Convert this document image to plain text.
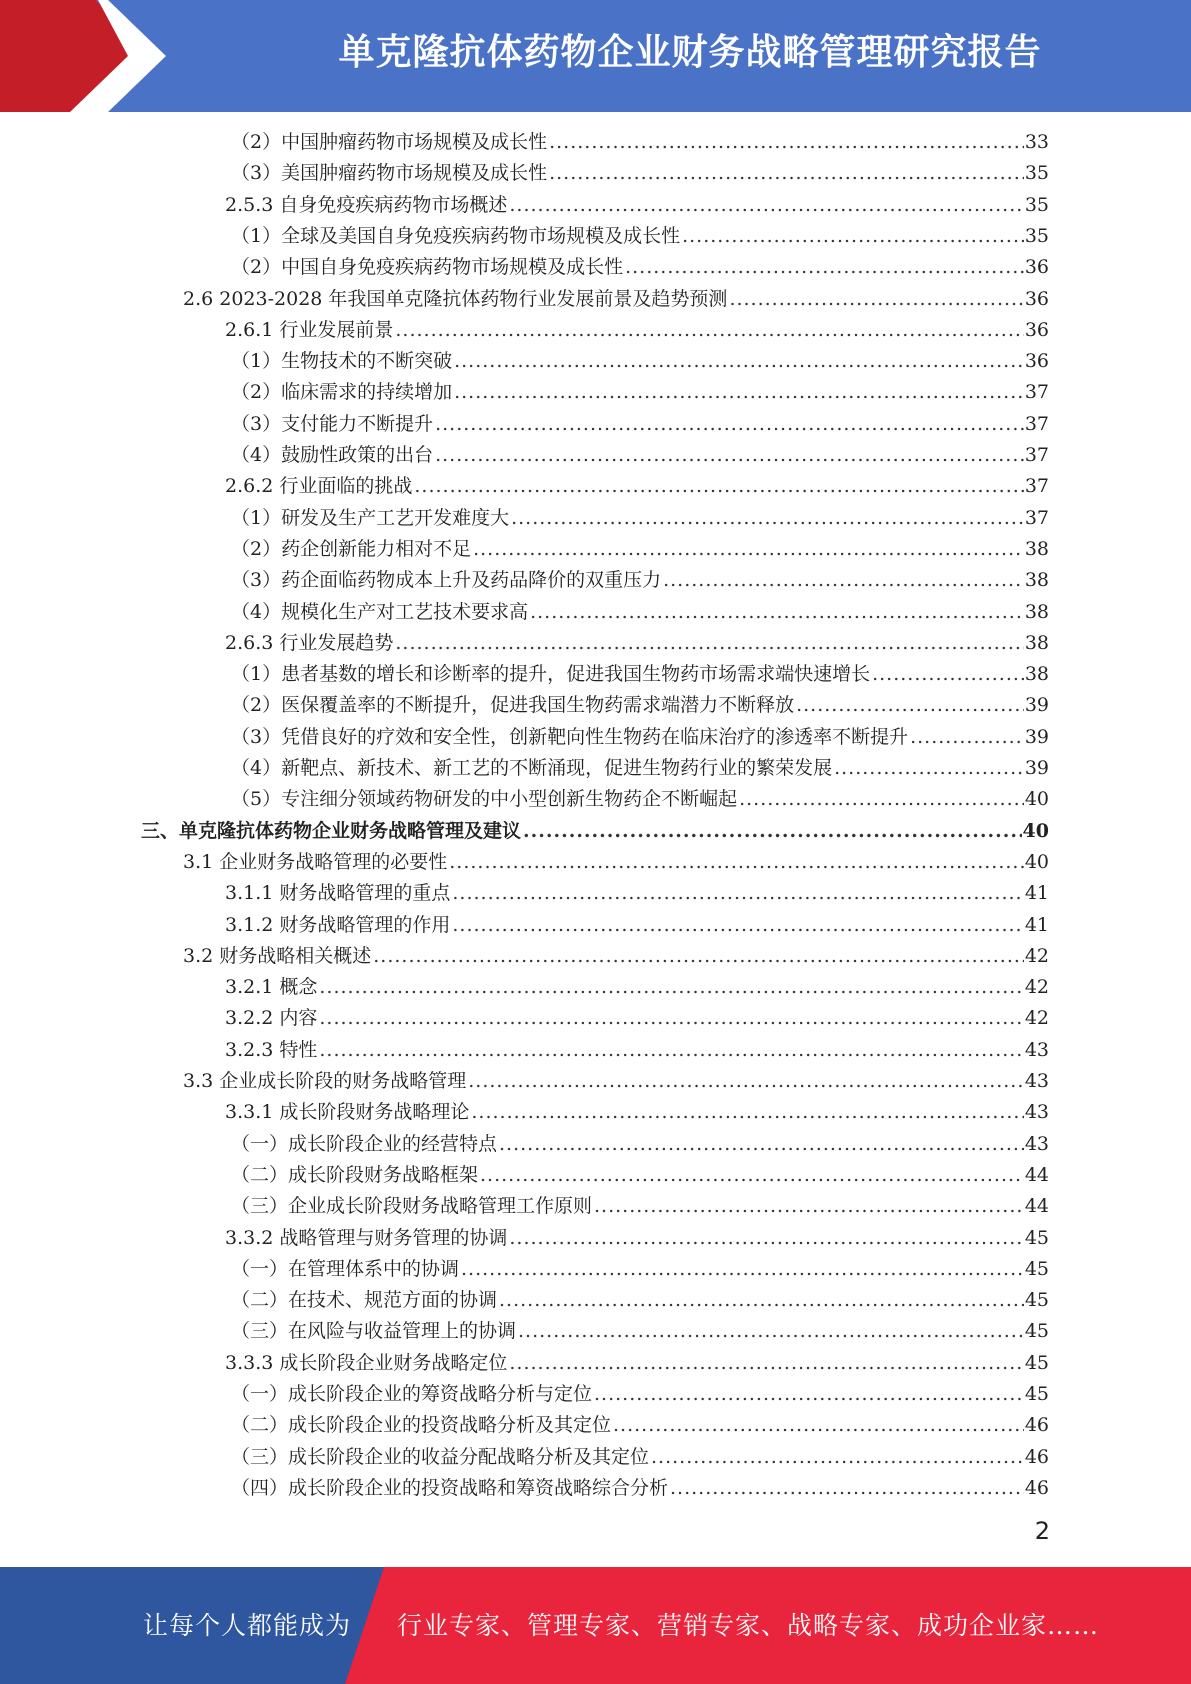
单克隆抗体药物企业财务战略管理研究报告
（2）中国肿瘤药物市场规模及成长性 .....	33
（3）美国肿瘤药物市场规模及成长性 .....	35
2.5.3 自身免疫疾病药物市场概述 .....	35
（1）全球及美国自身免疫疾病药物市场规模及成长性 .....	35
（2）中国自身免疫疾病药物市场规模及成长性 .....	36
2.6 2023-2028 年我国单克隆抗体药物行业发展前景及趋势预测 .....	36
2.6.1 行业发展前景 .....	36
（1）生物技术的不断突破 .....	36
（2）临床需求的持续增加 .....	37
（3）支付能力不断提升 .....	37
（4）鼓励性政策的出台 .....	37
2.6.2 行业面临的挑战 .....	37
（1）研发及生产工艺开发难度大 .....	37
（2）药企创新能力相对不足 .....	38
（3）药企面临药物成本上升及药品降价的双重压力 .....	38
（4）规模化生产对工艺技术要求高 .....	38
2.6.3 行业发展趋势 .....	38
（1）患者基数的增长和诊断率的提升，促进我国生物药市场需求端快速增长 .....	38
（2）医保覆盖率的不断提升，促进我国生物药需求端潜力不断释放 .....	39
（3）凭借良好的疗效和安全性，创新靶向性生物药在临床治疗的渗透率不断提升 .....	39
（4）新靶点、新技术、新工艺的不断涌现，促进生物药行业的繁荣发展 .....	39
（5）专注细分领域药物研发的中小型创新生物药企不断崛起 .....	40
三、单克隆抗体药物企业财务战略管理及建议 .....	40
3.1 企业财务战略管理的必要性 .....	40
3.1.1 财务战略管理的重点 .....	41
3.1.2 财务战略管理的作用 .....	41
3.2 财务战略相关概述 .....	42
3.2.1 概念 .....	42
3.2.2 内容 .....	42
3.2.3 特性 .....	43
3.3 企业成长阶段的财务战略管理 .....	43
3.3.1 成长阶段财务战略理论 .....	43
（一）成长阶段企业的经营特点 .....	43
（二）成长阶段财务战略框架 .....	44
（三）企业成长阶段财务战略管理工作原则 .....	44
3.3.2 战略管理与财务管理的协调 .....	45
（一）在管理体系中的协调 .....	45
（二）在技术、规范方面的协调 .....	45
（三）在风险与收益管理上的协调 .....	45
3.3.3 成长阶段企业财务战略定位 .....	45
（一）成长阶段企业的筹资战略分析与定位 .....	45
（二）成长阶段企业的投资战略分析及其定位 .....	46
（三）成长阶段企业的收益分配战略分析及其定位 .....	46
（四）成长阶段企业的投资战略和筹资战略综合分析 .....	46
2
让每个人都能成为 行业专家、管理专家、营销专家、战略专家、成功企业家……
